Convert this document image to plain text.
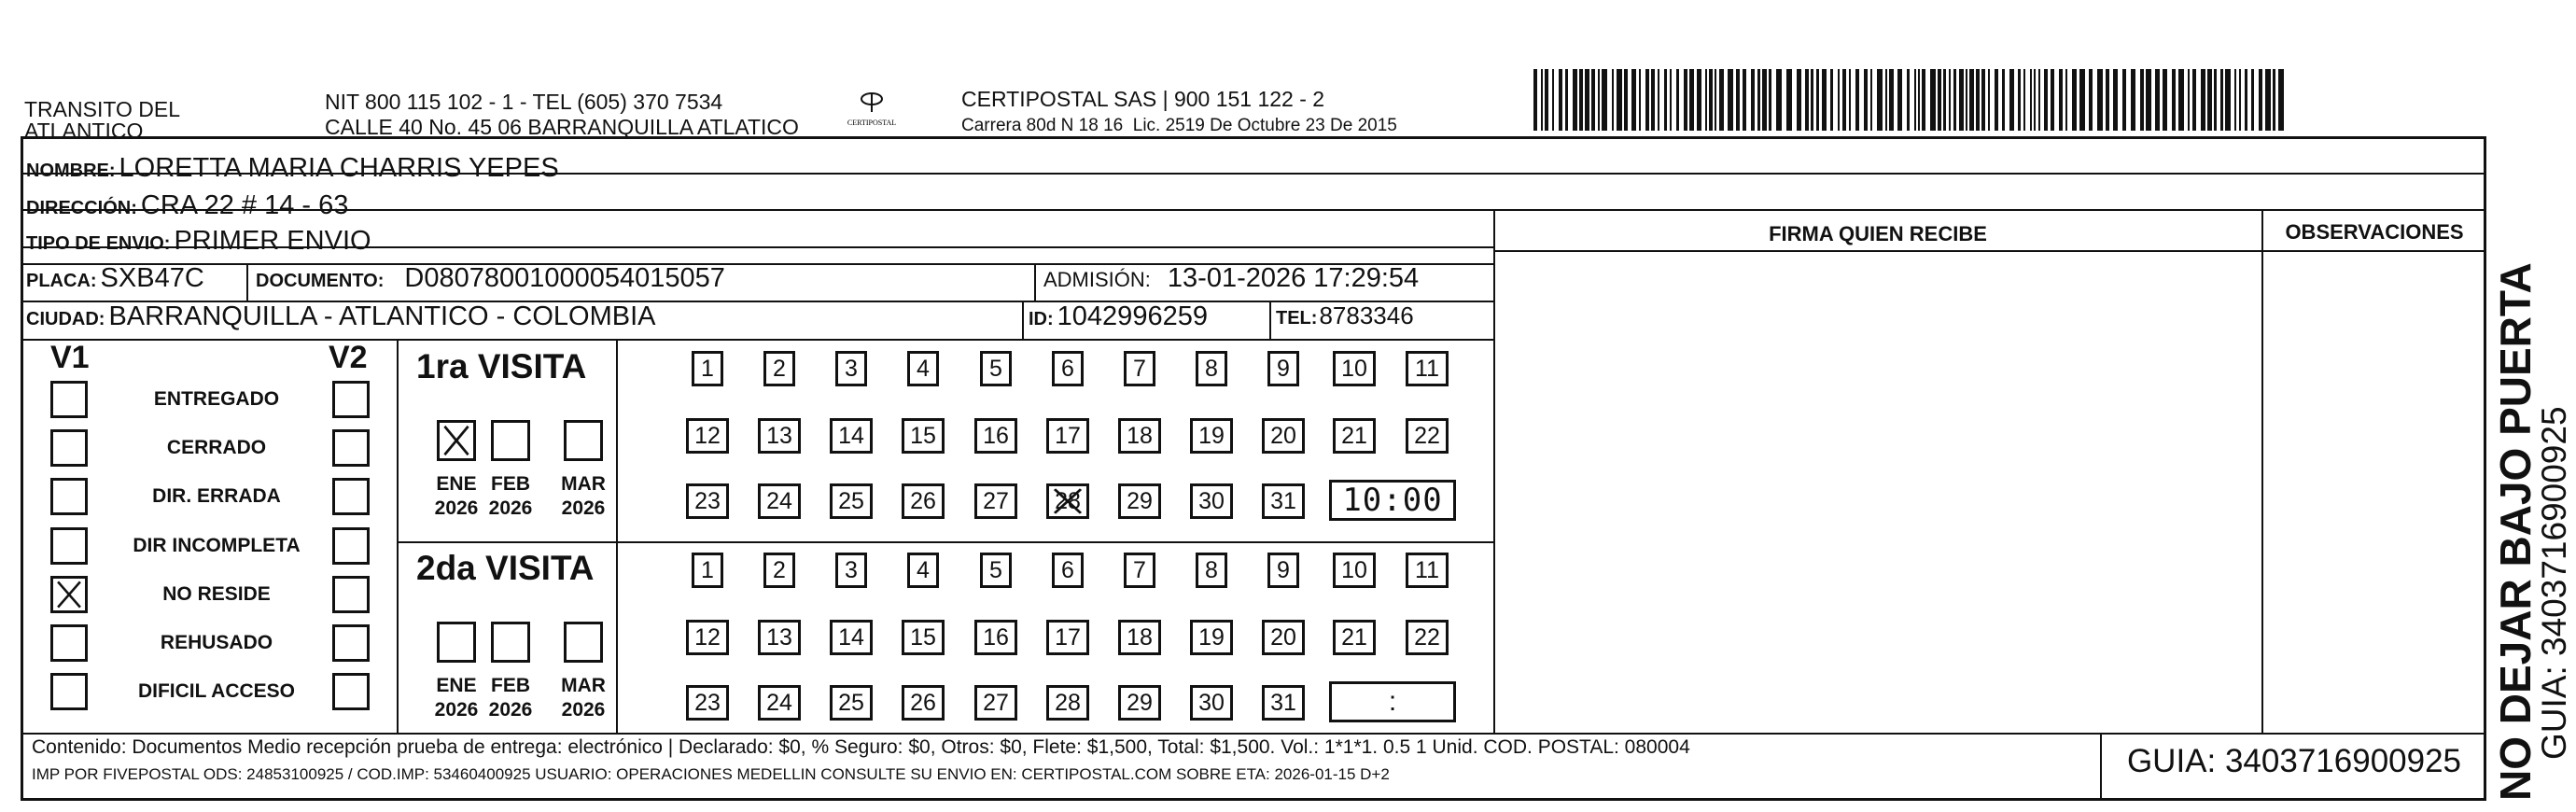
TRANSITO DEL
ATLANTICO
NIT 800 115 102 - 1 - TEL (605) 370 7534
CALLE 40 No. 45 06 BARRANQUILLA ATLATICO	CERTIPOSTAL
CERTIPOSTAL SAS | 900 151 122 - 2
Carrera 80d N 18 16  Lic. 2519 De Octubre 23 De 2015
NOMBRE: LORETTA MARIA CHARRIS YEPES
DIRECCIÓN: CRA 22 # 14 - 63
TIPO DE ENVIO: PRIMER ENVIO
PLACA: SXB47C	DOCUMENTO: D08078001000054015057	ADMISIÓN: 13-01-2026 17:29:54
CIUDAD: BARRANQUILLA - ATLANTICO - COLOMBIA	ID: 1042996259	TEL: 8783346
FIRMA QUIEN RECIBE	OBSERVACIONES
V1	V2
ENTREGADO
CERRADO
DIR. ERRADA
DIR INCOMPLETA
NO RESIDE
REHUSADO
DIFICIL ACCESO
1ra VISITA
ENE
2026
FEB
2026
MAR
2026
1	2	3	4	5	6	7	8	9 10 11
12 13 14 15 16 17 18 19 20 21 22
23 24 25 26 27 28 29 30 31 10:00
2da VISITA
ENE
2026
FEB
2026
MAR
2026
1	2	3	4	5	6	7	8	9 10 11
12 13 14 15 16 17 18 19 20 21 22
23 24 25 26 27 28 29 30 31	:
Contenido: Documentos Medio recepción prueba de entrega: electrónico | Declarado: $0, % Seguro: $0, Otros: $0, Flete: $1,500, Total: $1,500. Vol.: 1*1*1. 0.5 1 Unid. COD. POSTAL: 080004
IMP POR FIVEPOSTAL ODS: 24853100925 / COD.IMP: 53460400925 USUARIO: OPERACIONES MEDELLIN CONSULTE SU ENVIO EN: CERTIPOSTAL.COM SOBRE ETA: 2026-01-15 D+2	GUIA: 3403716900925 NO DEJAR BAJO PUERTA
GUIA: 3403716900925
